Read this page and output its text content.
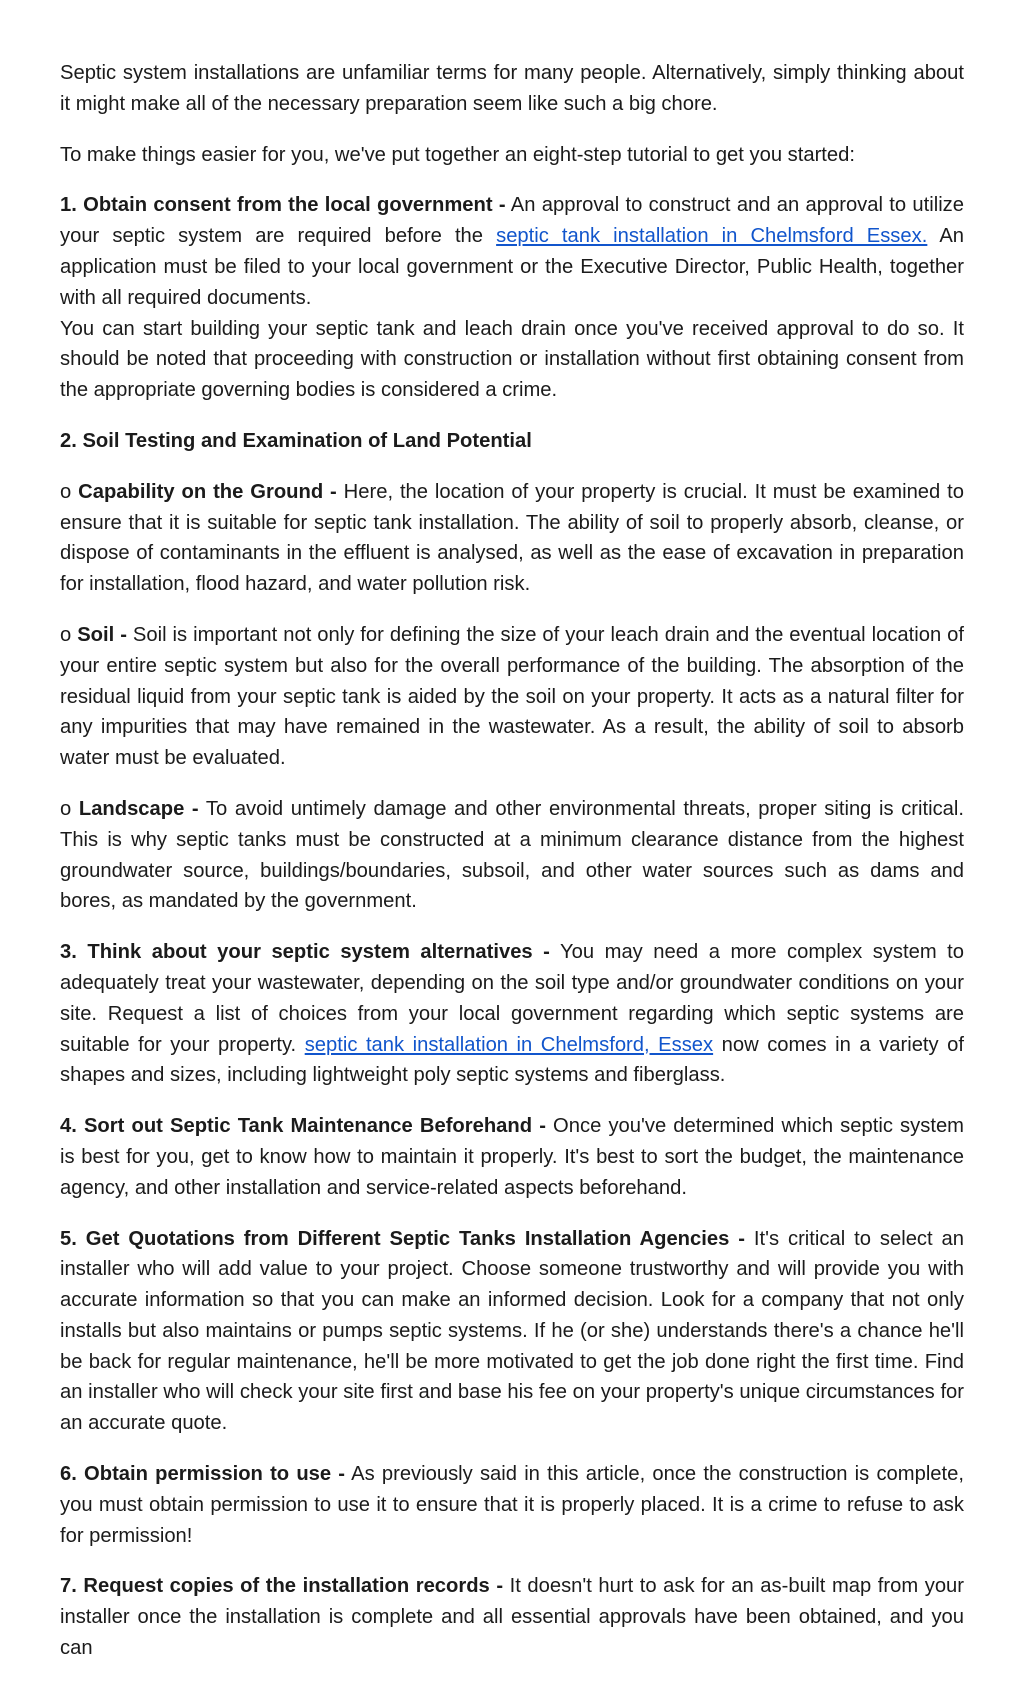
Septic system installations are unfamiliar terms for many people. Alternatively, simply thinking about it might make all of the necessary preparation seem like such a big chore.

To make things easier for you, we've put together an eight-step tutorial to get you started:

1. Obtain consent from the local government - An approval to construct and an approval to utilize your septic system are required before the septic tank installation in Chelmsford Essex. An application must be filed to your local government or the Executive Director, Public Health, together with all required documents.

You can start building your septic tank and leach drain once you've received approval to do so. It should be noted that proceeding with construction or installation without first obtaining consent from the appropriate governing bodies is considered a crime.

2. Soil Testing and Examination of Land Potential

o Capability on the Ground - Here, the location of your property is crucial. It must be examined to ensure that it is suitable for septic tank installation. The ability of soil to properly absorb, cleanse, or dispose of contaminants in the effluent is analysed, as well as the ease of excavation in preparation for installation, flood hazard, and water pollution risk.

o Soil - Soil is important not only for defining the size of your leach drain and the eventual location of your entire septic system but also for the overall performance of the building. The absorption of the residual liquid from your septic tank is aided by the soil on your property. It acts as a natural filter for any impurities that may have remained in the wastewater. As a result, the ability of soil to absorb water must be evaluated.

o Landscape - To avoid untimely damage and other environmental threats, proper siting is critical. This is why septic tanks must be constructed at a minimum clearance distance from the highest groundwater source, buildings/boundaries, subsoil, and other water sources such as dams and bores, as mandated by the government.

3. Think about your septic system alternatives - You may need a more complex system to adequately treat your wastewater, depending on the soil type and/or groundwater conditions on your site. Request a list of choices from your local government regarding which septic systems are suitable for your property. septic tank installation in Chelmsford, Essex now comes in a variety of shapes and sizes, including lightweight poly septic systems and fiberglass.

4. Sort out Septic Tank Maintenance Beforehand - Once you've determined which septic system is best for you, get to know how to maintain it properly. It's best to sort the budget, the maintenance agency, and other installation and service-related aspects beforehand.

5. Get Quotations from Different Septic Tanks Installation Agencies - It's critical to select an installer who will add value to your project. Choose someone trustworthy and will provide you with accurate information so that you can make an informed decision. Look for a company that not only installs but also maintains or pumps septic systems. If he (or she) understands there's a chance he'll be back for regular maintenance, he'll be more motivated to get the job done right the first time. Find an installer who will check your site first and base his fee on your property's unique circumstances for an accurate quote.

6. Obtain permission to use - As previously said in this article, once the construction is complete, you must obtain permission to use it to ensure that it is properly placed. It is a crime to refuse to ask for permission!

7. Request copies of the installation records - It doesn't hurt to ask for an as-built map from your installer once the installation is complete and all essential approvals have been obtained, and you can
